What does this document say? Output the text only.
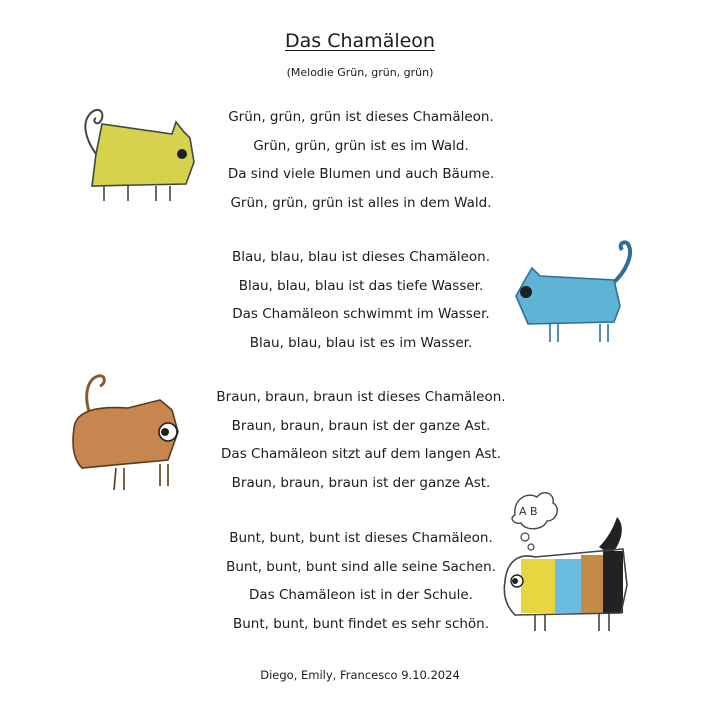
Das Chamäleon
(Melodie Grün, grün, grün)
Grün, grün, grün ist dieses Chamäleon.
Grün, grün, grün ist es im Wald.
Da sind viele Blumen und auch Bäume.
Grün, grün, grün ist alles in dem Wald.
Blau, blau, blau ist dieses Chamäleon.
Blau, blau, blau ist das tiefe Wasser.
Das Chamäleon schwimmt im Wasser.
Blau, blau, blau ist es im Wasser.
Braun, braun, braun ist dieses Chamäleon.
Braun, braun, braun ist der ganze Ast.
Das Chamäleon sitzt auf dem langen Ast.
Braun, braun, braun ist der ganze Ast.
Bunt, bunt, bunt ist dieses Chamäleon.
Bunt, bunt, bunt sind alle seine Sachen.
Das Chamäleon ist in der Schule.
Bunt, bunt, bunt findet es sehr schön.
Diego, Emily, Francesco 9.10.2024
A B
